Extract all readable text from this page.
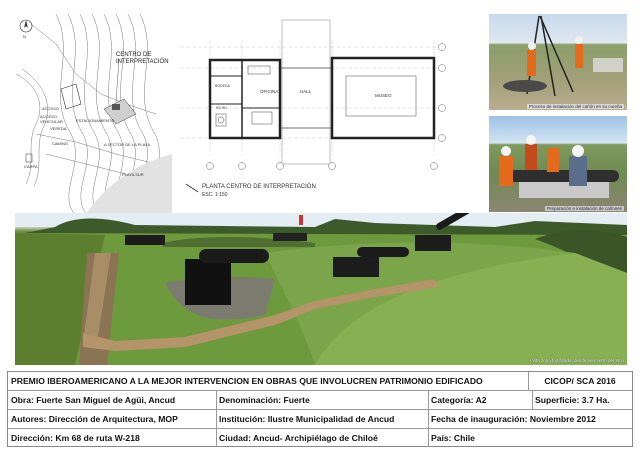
N
CENTRO DE INTERPRETACIÓN
ACCESO
ACCESO VEHICULAR
VEREDA
ESTACIONAMIENTO
CAMINO
PLAYA SUR
A SECTOR DE LA PLAYA
CARPA
OFICINA	HALL
MUSEO
BODEGA
SS.HH.
PLANTA CENTRO DE INTERPRETACIÓN
ESC. 1:150
Proceso de instalación del cañón en su cureña
Preparación e instalación de cañones
Vista zona fortificada, desde perímetro del Sitio
PREMIO IBEROAMERICANO A LA MEJOR INTERVENCION EN OBRAS QUE INVOLUCREN PATRIMONIO EDIFICADO	CICOP/ SCA 2016
Obra: Fuerte San Miguel de Agüi, Ancud	Denominación: Fuerte	Categoría: A2	Superficie: 3.7 Ha.
Autores: Dirección de Arquitectura, MOP	Institución: Ilustre Municipalidad de Ancud	Fecha de inauguración: Noviembre 2012
Dirección: Km 68 de ruta W-218	Ciudad: Ancud- Archipiélago de Chiloé	País: Chile
